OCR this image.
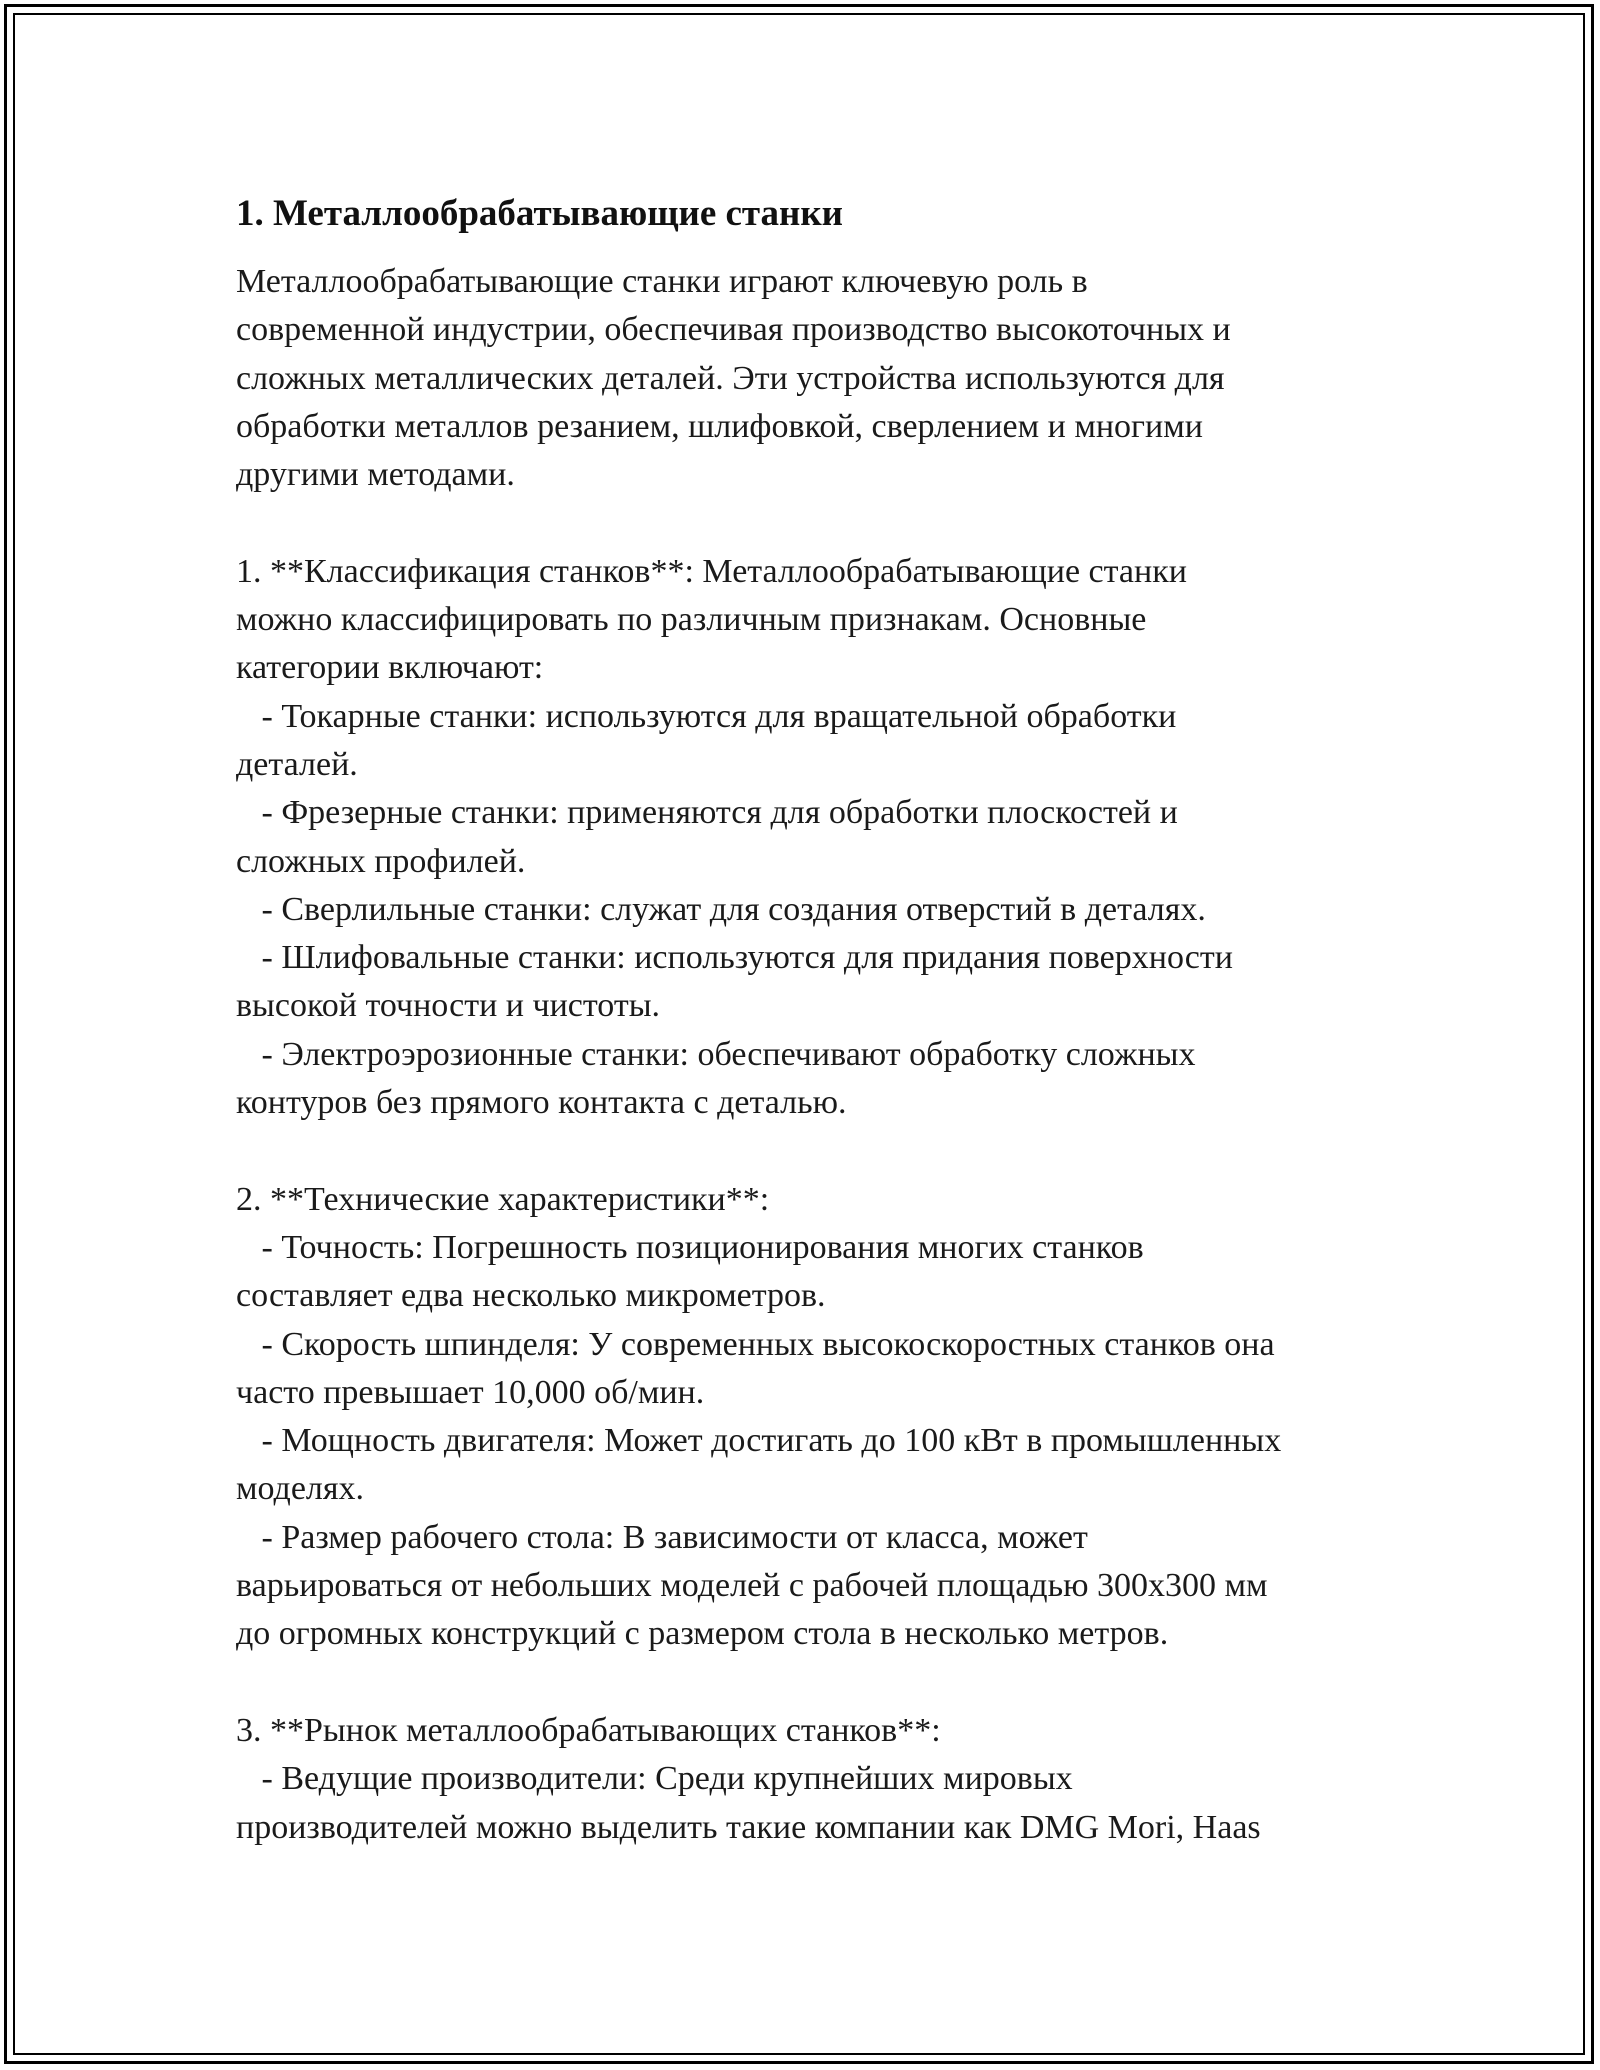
1. Металлообрабатывающие станки
Металлообрабатывающие станки играют ключевую роль в
современной индустрии, обеспечивая производство высокоточных и
сложных металлических деталей. Эти устройства используются для
обработки металлов резанием, шлифовкой, сверлением и многими
другими методами.
1. **Классификация станков**: Металлообрабатывающие станки
можно классифицировать по различным признакам. Основные
категории включают:
- Токарные станки: используются для вращательной обработки
деталей.
- Фрезерные станки: применяются для обработки плоскостей и
сложных профилей.
- Сверлильные станки: служат для создания отверстий в деталях.
- Шлифовальные станки: используются для придания поверхности
высокой точности и чистоты.
- Электроэрозионные станки: обеспечивают обработку сложных
контуров без прямого контакта с деталью.
2. **Технические характеристики**:
- Точность: Погрешность позиционирования многих станков
составляет едва несколько микрометров.
- Скорость шпинделя: У современных высокоскоростных станков она
часто превышает 10,000 об/мин.
- Мощность двигателя: Может достигать до 100 кВт в промышленных
моделях.
- Размер рабочего стола: В зависимости от класса, может
варьироваться от небольших моделей с рабочей площадью 300x300 мм
до огромных конструкций с размером стола в несколько метров.
3. **Рынок металлообрабатывающих станков**:
- Ведущие производители: Среди крупнейших мировых
производителей можно выделить такие компании как DMG Mori, Haas
